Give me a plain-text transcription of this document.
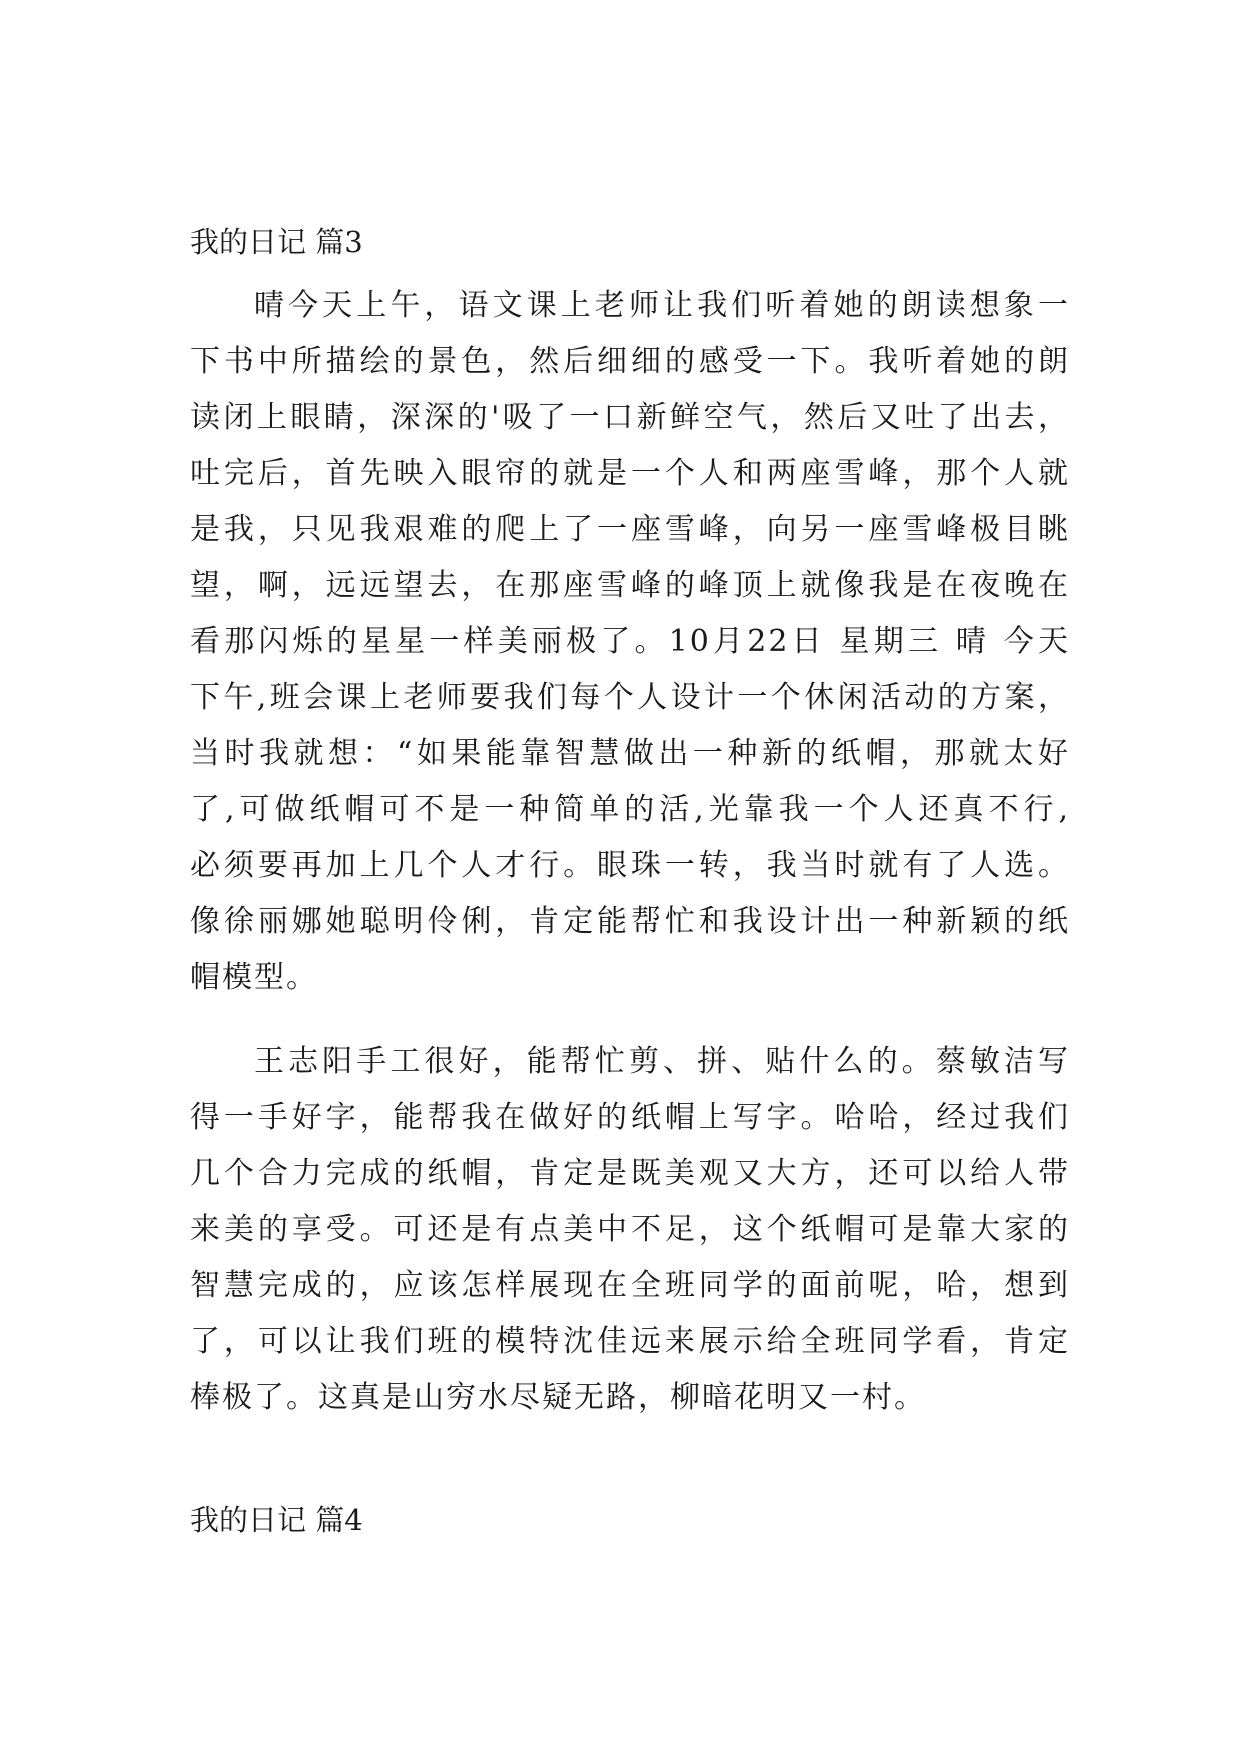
我的日记 篇3
晴今天上午，语文课上老师让我们听着她的朗读想象一
下书中所描绘的景色，然后细细的感受一下。我听着她的朗
读闭上眼睛，深深的'吸了一口新鲜空气，然后又吐了出去，
吐完后，首先映入眼帘的就是一个人和两座雪峰，那个人就
是我，只见我艰难的爬上了一座雪峰，向另一座雪峰极目眺
望，啊，远远望去，在那座雪峰的峰顶上就像我是在夜晚在
看那闪烁的星星一样美丽极了。10月22日 星期三 晴 今天
下午,班会课上老师要我们每个人设计一个休闲活动的方案，
当时我就想：“如果能靠智慧做出一种新的纸帽，那就太好
了,可做纸帽可不是一种简单的活,光靠我一个人还真不行,
必须要再加上几个人才行。眼珠一转，我当时就有了人选。
像徐丽娜她聪明伶俐，肯定能帮忙和我设计出一种新颖的纸
帽模型。
王志阳手工很好，能帮忙剪、拼、贴什么的。蔡敏洁写
得一手好字，能帮我在做好的纸帽上写字。哈哈，经过我们
几个合力完成的纸帽，肯定是既美观又大方，还可以给人带
来美的享受。可还是有点美中不足，这个纸帽可是靠大家的
智慧完成的，应该怎样展现在全班同学的面前呢，哈，想到
了，可以让我们班的模特沈佳远来展示给全班同学看，肯定
棒极了。这真是山穷水尽疑无路，柳暗花明又一村。
我的日记 篇4
